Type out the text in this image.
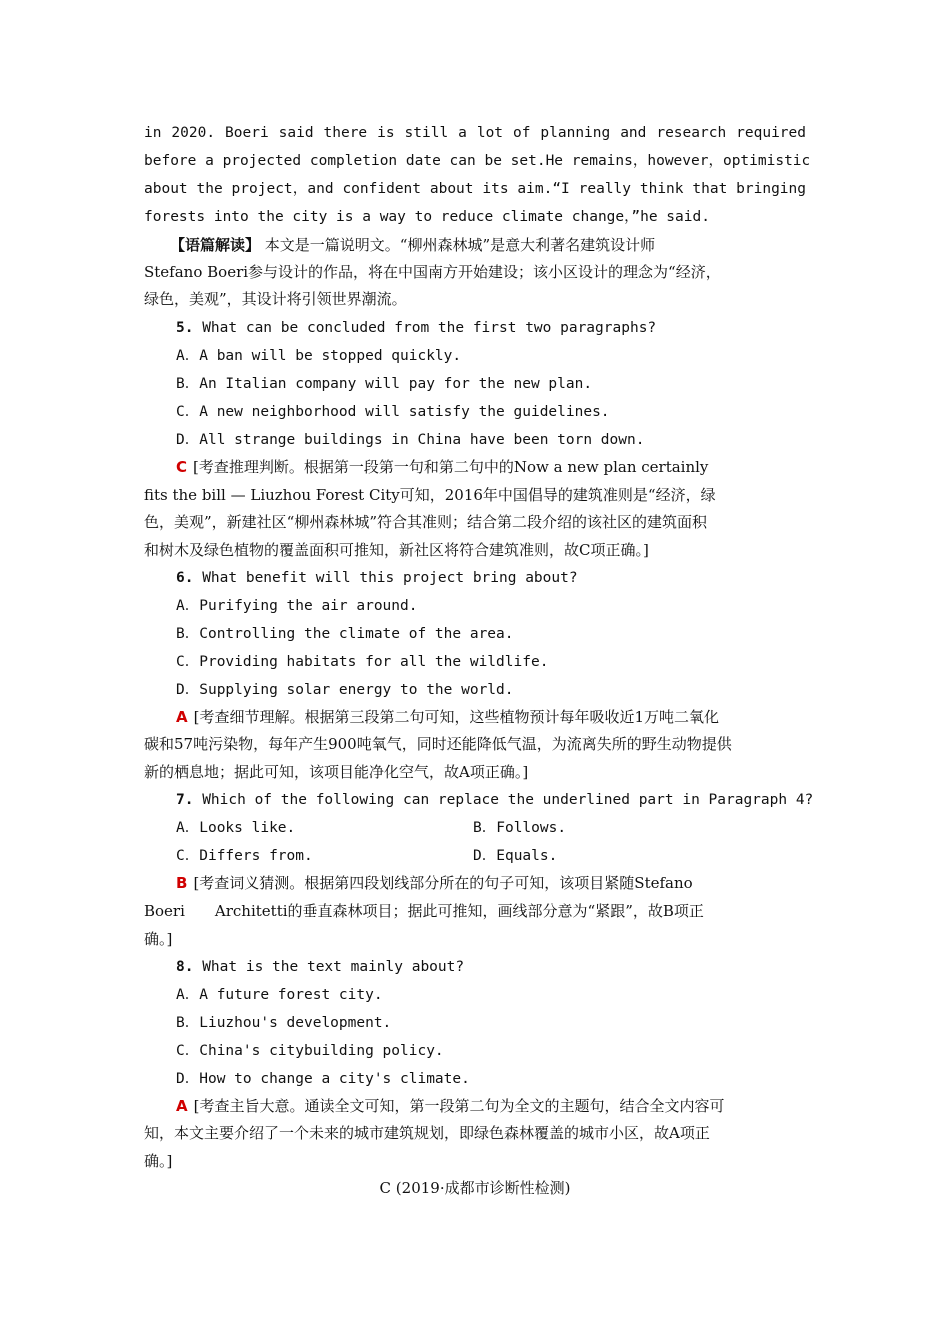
in 2020. Boeri said there is still a lot of planning and research required
before a projected completion date can be set.He remains，however，optimistic
about the project，and confident about its aim.“I really think that bringing
forests into the city is a way to reduce climate change，”he said.
【语篇解读】 本文是一篇说明文。“柳州森林城”是意大利著名建筑设计师
Stefano Boeri参与设计的作品，将在中国南方开始建设；该小区设计的理念为“经济，
绿色，美观”，其设计将引领世界潮流。
5. What can be concluded from the first two paragraphs?
A．A ban will be stopped quickly.
B．An Italian company will pay for the new plan.
C．A new neighborhood will satisfy the guidelines.
D．All strange buildings in China have been torn down.
C [考查推理判断。根据第一段第一句和第二句中的Now a new plan certainly
fits the bill — Liuzhou Forest City可知，2016年中国倡导的建筑准则是“经济，绿
色，美观”，新建社区“柳州森林城”符合其准则；结合第二段介绍的该社区的建筑面积
和树木及绿色植物的覆盖面积可推知，新社区将符合建筑准则，故C项正确。]
6. What benefit will this project bring about?
A．Purifying the air around.
B．Controlling the climate of the area.
C．Providing habitats for all the wildlife.
D．Supplying solar energy to the world.
A [考查细节理解。根据第三段第二句可知，这些植物预计每年吸收近1万吨二氧化
碳和57吨污染物，每年产生900吨氧气，同时还能降低气温，为流离失所的野生动物提供
新的栖息地；据此可知，该项目能净化空气，故A项正确。]
7. Which of the following can replace the underlined part in Paragraph 4?
A．Looks like.	B．Follows.
C．Differs from.	D．Equals.
B [考查词义猜测。根据第四段划线部分所在的句子可知，该项目紧随Stefano
Boeri　　Architetti的垂直森林项目；据此可推知，画线部分意为“紧跟”，故B项正
确。]
8. What is the text mainly about?
A．A future forest city.
B．Liuzhou's development.
C．China's citybuilding policy.
D．How to change a city's climate.
A [考查主旨大意。通读全文可知，第一段第二句为全文的主题句，结合全文内容可
知，本文主要介绍了一个未来的城市建筑规划，即绿色森林覆盖的城市小区，故A项正
确。]
C (2019·成都市诊断性检测)
